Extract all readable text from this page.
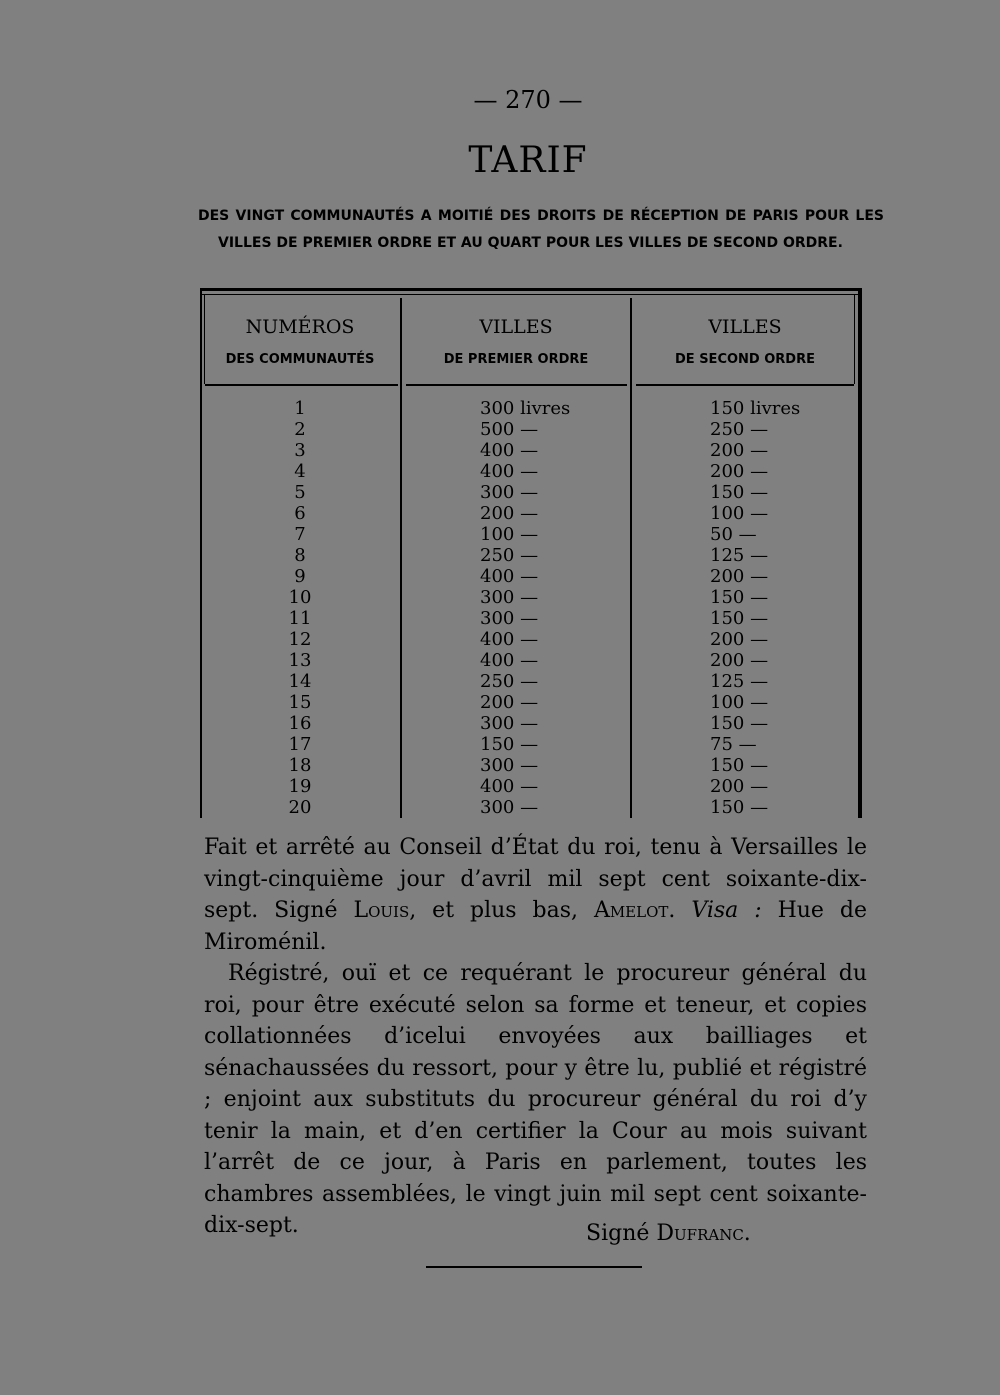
— 270 —
TARIF
DES VINGT COMMUNAUTÉS A MOITIÉ DES DROITS DE RÉCEPTION DE PARIS POUR LES VILLES DE PREMIER ORDRE ET AU QUART POUR LES VILLES DE SECOND ORDRE.
NUMÉROS
DES COMMUNAUTÉS
VILLES
DE PREMIER ORDRE
VILLES
DE SECOND ORDRE
1
2
3
4
5
6
7
8
9
10
11
12
13
14
15
16
17
18
19
20
300 livres
500 —
400 —
400 —
300 —
200 —
100 —
250 —
400 —
300 —
300 —
400 —
400 —
250 —
200 —
300 —
150 —
300 —
400 —
300 —
150 livres
250 —
200 —
200 —
150 —
100 —
50 —
125 —
200 —
150 —
150 —
200 —
200 —
125 —
100 —
150 —
75 —
150 —
200 —
150 —

Fait et arrêté au Conseil d’État du roi, tenu à Versailles le vingt-cinquième jour d’avril mil sept cent soixante-dix-sept. Signé Louis, et plus bas, Amelot. Visa : Hue de Miroménil.

Régistré, ouï et ce requérant le procureur général du roi, pour être exécuté selon sa forme et teneur, et copies collationnées d’icelui envoyées aux bailliages et sénachaussées du ressort, pour y être lu, publié et régistré ; enjoint aux substituts du procureur général du roi d’y tenir la main, et d’en certifier la Cour au mois suivant l’arrêt de ce jour, à Paris en parlement, toutes les chambres assemblées, le vingt juin mil sept cent soixante-dix-sept.	Signé Dufranc.
